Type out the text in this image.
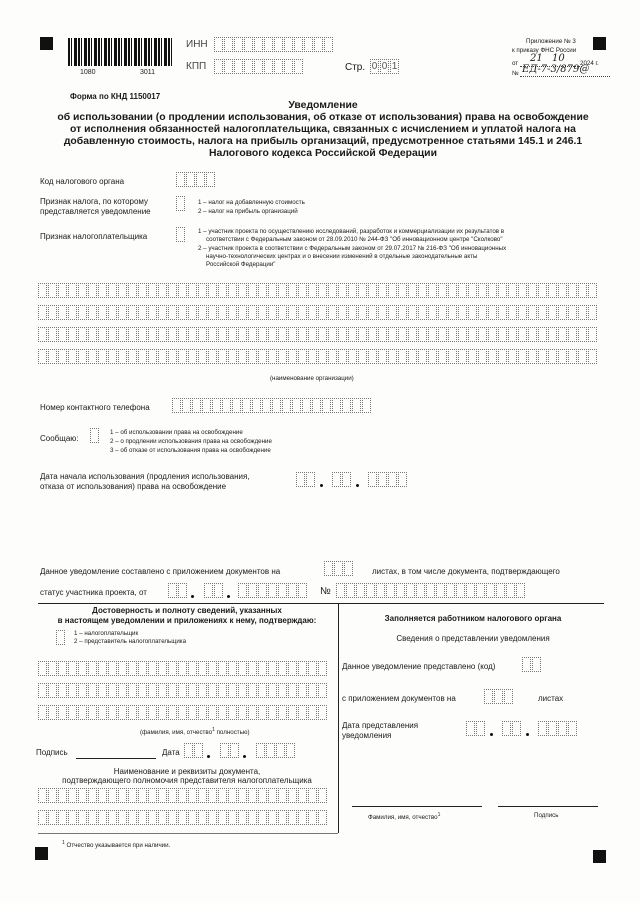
1080	3011
ИНН
КПП	Стр. 0 0 1
Приложение № 3
к приказу ФНС России
от 21 10 2024 г.
№ ЕД-7-3/879@
Форма по КНД 1150017
Уведомление
об использовании (о продлении использования, об отказе от использования) права на освобождение
от исполнения обязанностей налогоплательщика, связанных с исчислением и уплатой налога на
добавленную стоимость, налога на прибыль организаций, предусмотренное статьями 145.1 и 246.1
Налогового кодекса Российской Федерации
Код налогового органа
Признак налога, по которому
представляется уведомление
1 – налог на добавленную стоимость
2 – налог на прибыль организаций
Признак налогоплательщика
1 – участник проекта по осуществлению исследований, разработок и коммерциализации их результатов в
соответствии с Федеральным законом от 28.09.2010 № 244-ФЗ "Об инновационном центре "Сколково"
2 – участник проекта в соответствии с Федеральным законом от 29.07.2017 № 216-ФЗ "Об инновационных
научно-технологических центрах и о внесении изменений в отдельные законодательные акты
Российской Федерации"
(наименование организации)
Номер контактного телефона
Сообщаю:
1 – об использовании права на освобождение
2 – о продлении использования права на освобождение
3 – об отказе от использования права на освобождение
Дата начала использования (продления использования,
отказа от использования) права на освобождение
Данное уведомление составлено с приложением документов на	листах, в том числе документа, подтверждающего
статус участника проекта, от	№
Достоверность и полноту сведений, указанных
в настоящем уведомлении и приложениях к нему, подтверждаю:
1 – налогоплательщик
2 – представитель налогоплательщика
(фамилия, имя, отчество$^1$ полностью)
Подпись	Дата
Наименование и реквизиты документа,
подтверждающего полномочия представителя налогоплательщика
Заполняется работником налогового органа
Сведения о представлении уведомления
Данное уведомление представлено (код)
с приложением документов на	листах
Дата представления
уведомления
Фамилия, имя, отчество$^1$	Подпись
$^1$ Отчество указывается при наличии.
